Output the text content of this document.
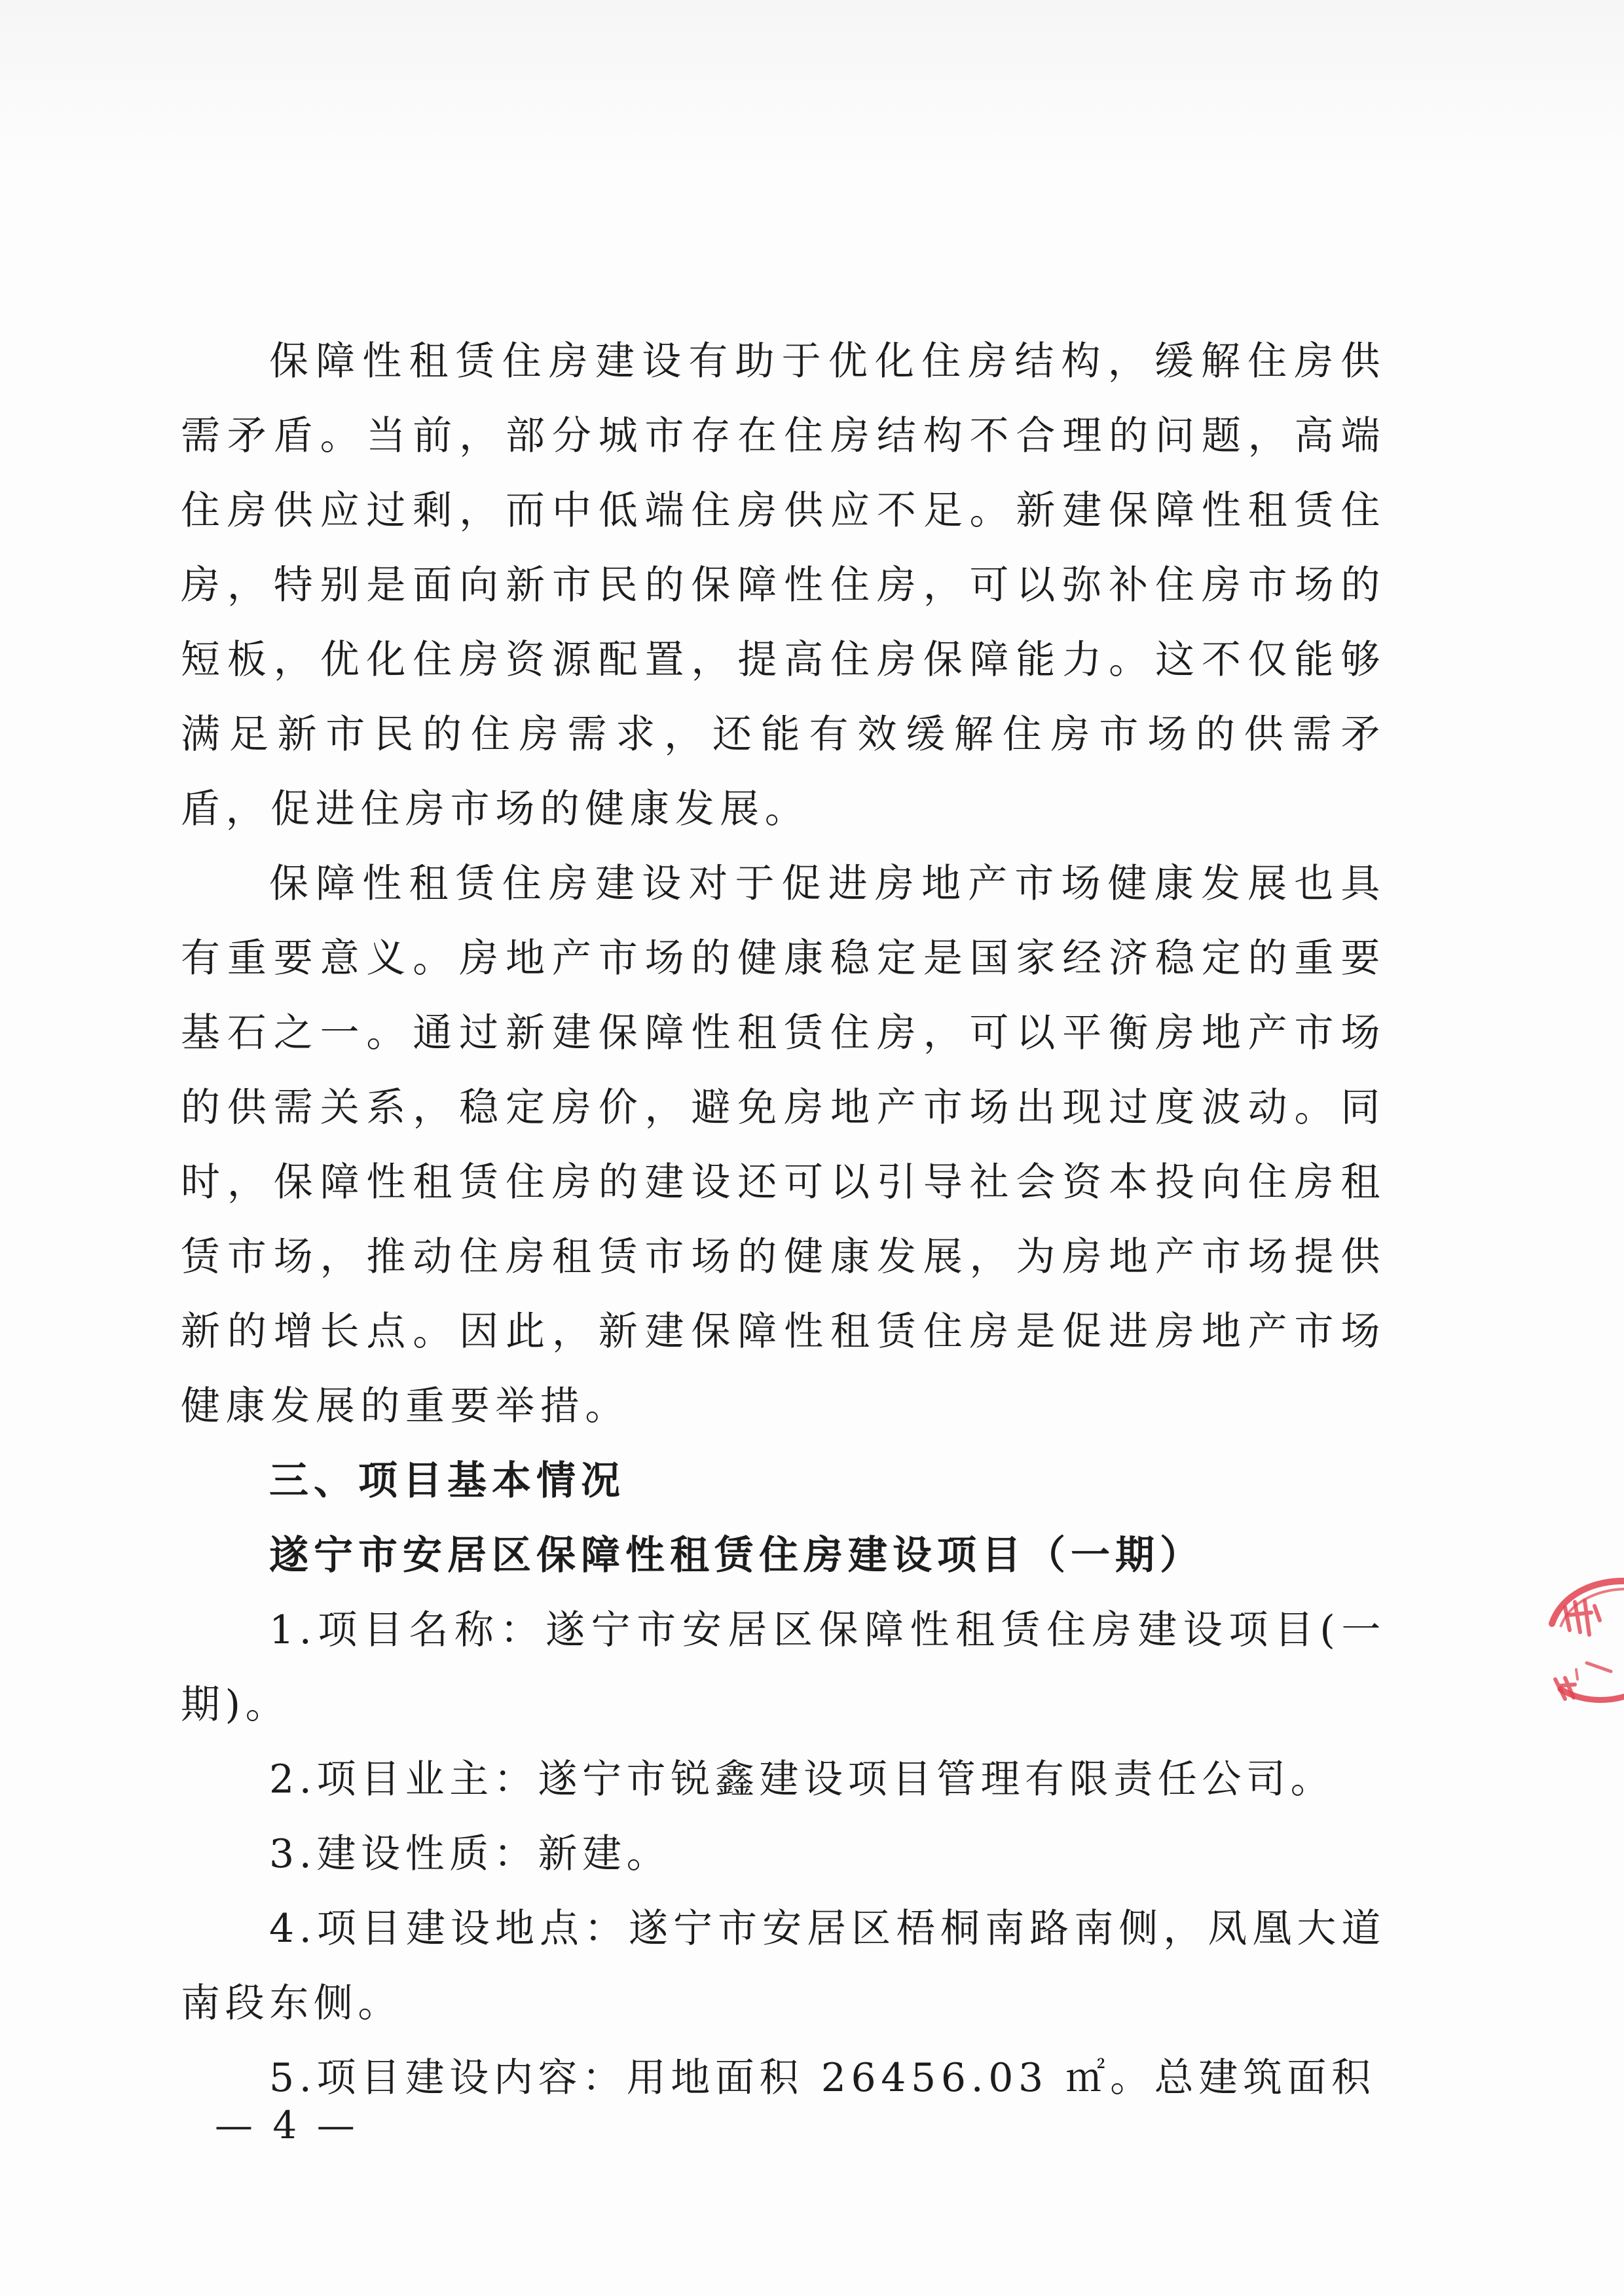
保障性租赁住房建设有助于优化住房结构，缓解住房供需矛盾。当前，部分城市存在住房结构不合理的问题，高端住房供应过剩，而中低端住房供应不足。新建保障性租赁住房，特别是面向新市民的保障性住房，可以弥补住房市场的短板，优化住房资源配置，提高住房保障能力。这不仅能够满足新市民的住房需求，还能有效缓解住房市场的供需矛盾，促进住房市场的健康发展。

保障性租赁住房建设对于促进房地产市场健康发展也具有重要意义。房地产市场的健康稳定是国家经济稳定的重要基石之一。通过新建保障性租赁住房，可以平衡房地产市场的供需关系，稳定房价，避免房地产市场出现过度波动。同时，保障性租赁住房的建设还可以引导社会资本投向住房租赁市场，推动住房租赁市场的健康发展，为房地产市场提供新的增长点。因此，新建保障性租赁住房是促进房地产市场健康发展的重要举措。

三、项目基本情况

遂宁市安居区保障性租赁住房建设项目（一期）

1.项目名称：遂宁市安居区保障性租赁住房建设项目(一期)。

2.项目业主：遂宁市锐鑫建设项目管理有限责任公司。

3.建设性质：新建。

4.项目建设地点：遂宁市安居区梧桐南路南侧，凤凰大道南段东侧。

5.项目建设内容：用地面积 26456.03 ㎡。总建筑面积

— 4 —
